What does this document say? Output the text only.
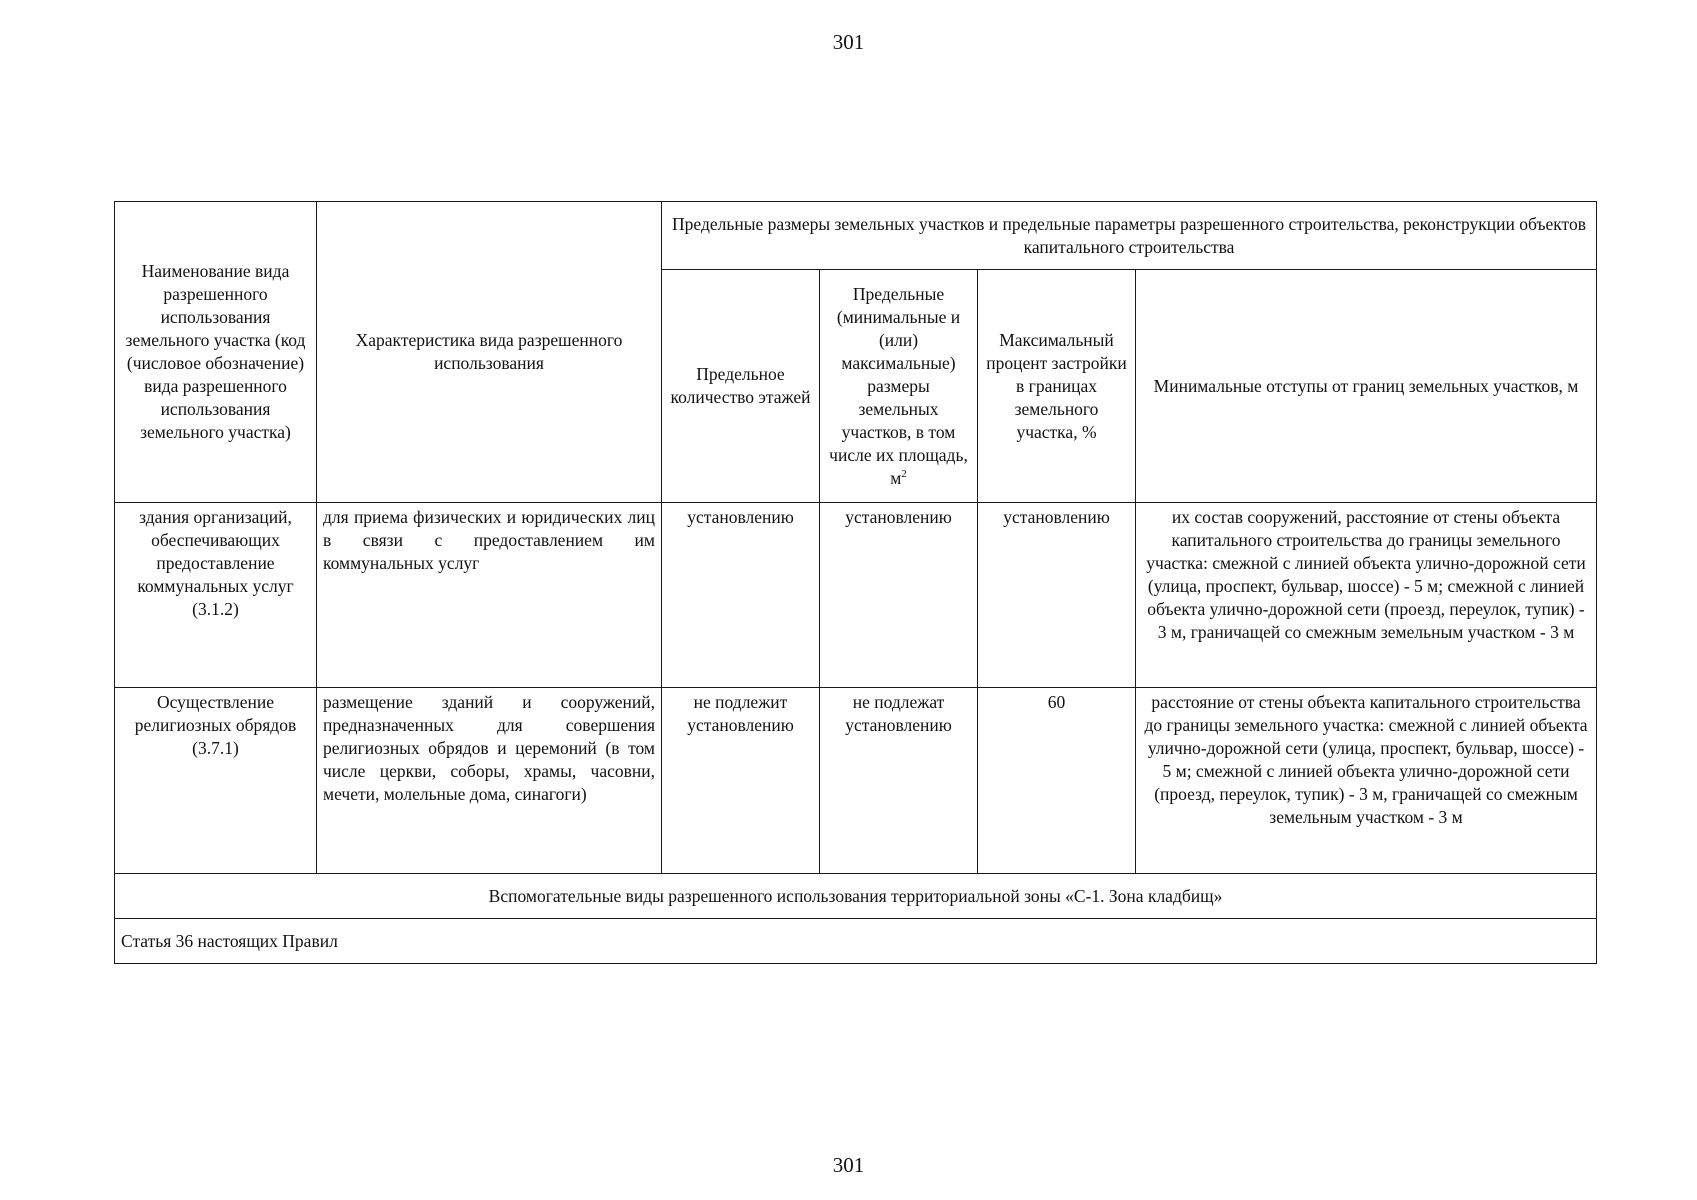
301
Наименование вида разрешенного использования земельного участка (код (числовое обозначение) вида разрешенного использования земельного участка)	Характеристика вида разрешенного использования	Предельные размеры земельных участков и предельные параметры разрешенного строительства, реконструкции объектов капитального строительства			
		Предельное количество этажей	Предельные (минимальные и (или) максимальные) размеры земельных участков, в том числе их площадь, $м^2$	Максимальный процент застройки в границах земельного участка, %	Минимальные отступы от границ земельных участков, м
здания организаций, обеспечивающих предоставление коммунальных услуг (3.1.2)	для приема физических и юридических лиц в связи с предоставлением им коммунальных услуг	установлению	установлению	установлению	их состав сооружений, расстояние от стены объекта капитального строительства до границы земельного участка: смежной с линией объекта улично-дорожной сети (улица, проспект, бульвар, шоссе) - 5 м; смежной с линией объекта улично-дорожной сети (проезд, переулок, тупик) - 3 м, граничащей со смежным земельным участком - 3 м
Осуществление религиозных обрядов (3.7.1)	размещение зданий и сооружений, предназначенных для совершения религиозных обрядов и церемоний (в том числе церкви, соборы, храмы, часовни, мечети, молельные дома, синагоги)	не подлежит установлению	не подлежат установлению	60	расстояние от стены объекта капитального строительства до границы земельного участка: смежной с линией объекта улично-дорожной сети (улица, проспект, бульвар, шоссе) - 5 м; смежной с линией объекта улично-дорожной сети (проезд, переулок, тупик) - 3 м, граничащей со смежным земельным участком - 3 м
Вспомогательные виды разрешенного использования территориальной зоны «С-1. Зона кладбищ»					
Статья 36 настоящих Правил					
301
